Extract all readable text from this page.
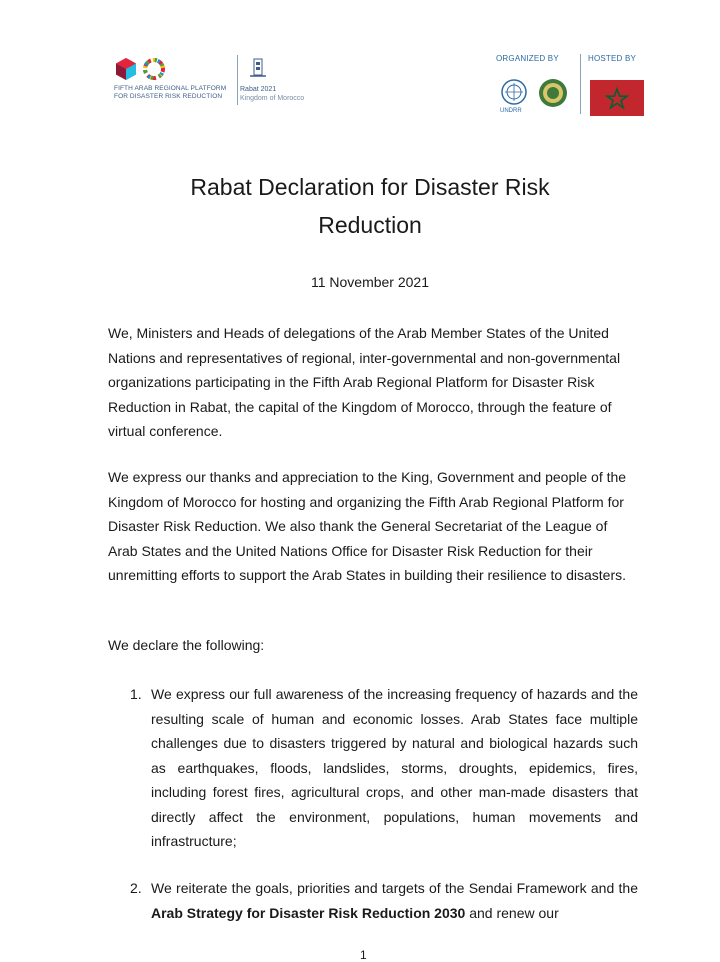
FIFTH ARAB REGIONAL PLATFORM
FOR DISASTER RISK REDUCTION
Rabat 2021
Kingdom of Morocco
ORGANIZED BY	HOSTED BY
UNDRR
Rabat Declaration for Disaster Risk
Reduction
11 November 2021

We, Ministers and Heads of delegations of the Arab Member States of the United Nations and representatives of regional, inter-governmental and non-governmental organizations participating in the Fifth Arab Regional Platform for Disaster Risk Reduction in Rabat, the capital of the Kingdom of Morocco, through the feature of virtual conference.

We express our thanks and appreciation to the King, Government and people of the Kingdom of Morocco for hosting and organizing the Fifth Arab Regional Platform for Disaster Risk Reduction. We also thank the General Secretariat of the League of Arab States and the United Nations Office for Disaster Risk Reduction for their unremitting efforts to support the Arab States in building their resilience to disasters.

We declare the following:

1. We express our full awareness of the increasing frequency of hazards and the resulting scale of human and economic losses. Arab States face multiple challenges due to disasters triggered by natural and biological hazards such as earthquakes, floods, landslides, storms, droughts, epidemics, fires, including forest fires, agricultural crops, and other man-made disasters that directly affect the environment, populations, human movements and infrastructure;
2. We reiterate the goals, priorities and targets of the Sendai Framework and the Arab Strategy for Disaster Risk Reduction 2030 and renew our
1
